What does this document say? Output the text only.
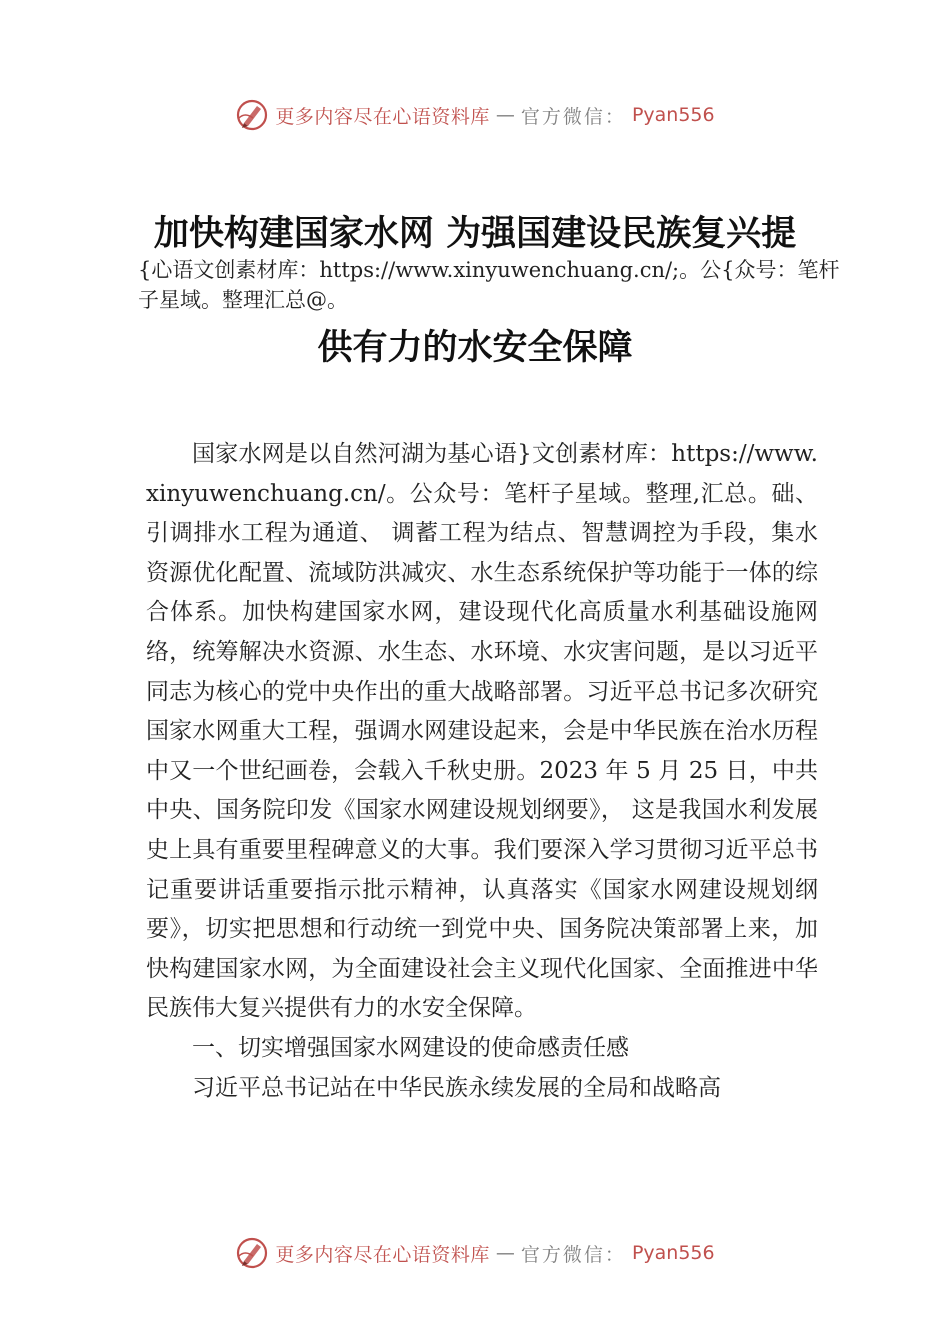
更多内容尽在心语资料库 — 官方微信： Pyan556
加快构建国家水网 为强国建设民族复兴提
{心语文创素材库：https://www.xinyuwenchuang.cn/;。公{众号：笔杆子星域。整理汇总@。
供有力的水安全保障

国家水网是以自然河湖为基心语}文创素材库：https://www.xinyuwenchuang.cn/。公众号：笔杆子星域。整理,汇总。础、引调排水工程为通道、 调蓄工程为结点、智慧调控为手段，集水资源优化配置、流域防洪减灾、水生态系统保护等功能于一体的综合体系。加快构建国家水网，建设现代化高质量水利基础设施网络，统筹解决水资源、水生态、水环境、水灾害问题，是以习近平同志为核心的党中央作出的重大战略部署。习近平总书记多次研究国家水网重大工程，强调水网建设起来，会是中华民族在治水历程中又一个世纪画卷，会载入千秋史册。2023 年 5 月 25 日，中共中央、国务院印发《国家水网建设规划纲要》， 这是我国水利发展史上具有重要里程碑意义的大事。我们要深入学习贯彻习近平总书记重要讲话重要指示批示精神，认真落实《国家水网建设规划纲要》，切实把思想和行动统一到党中央、国务院决策部署上来，加快构建国家水网，为全面建设社会主义现代化国家、全面推进中华民族伟大复兴提供有力的水安全保障。

一、切实增强国家水网建设的使命感责任感

习近平总书记站在中华民族永续发展的全局和战略高

更多内容尽在心语资料库 — 官方微信： Pyan556
